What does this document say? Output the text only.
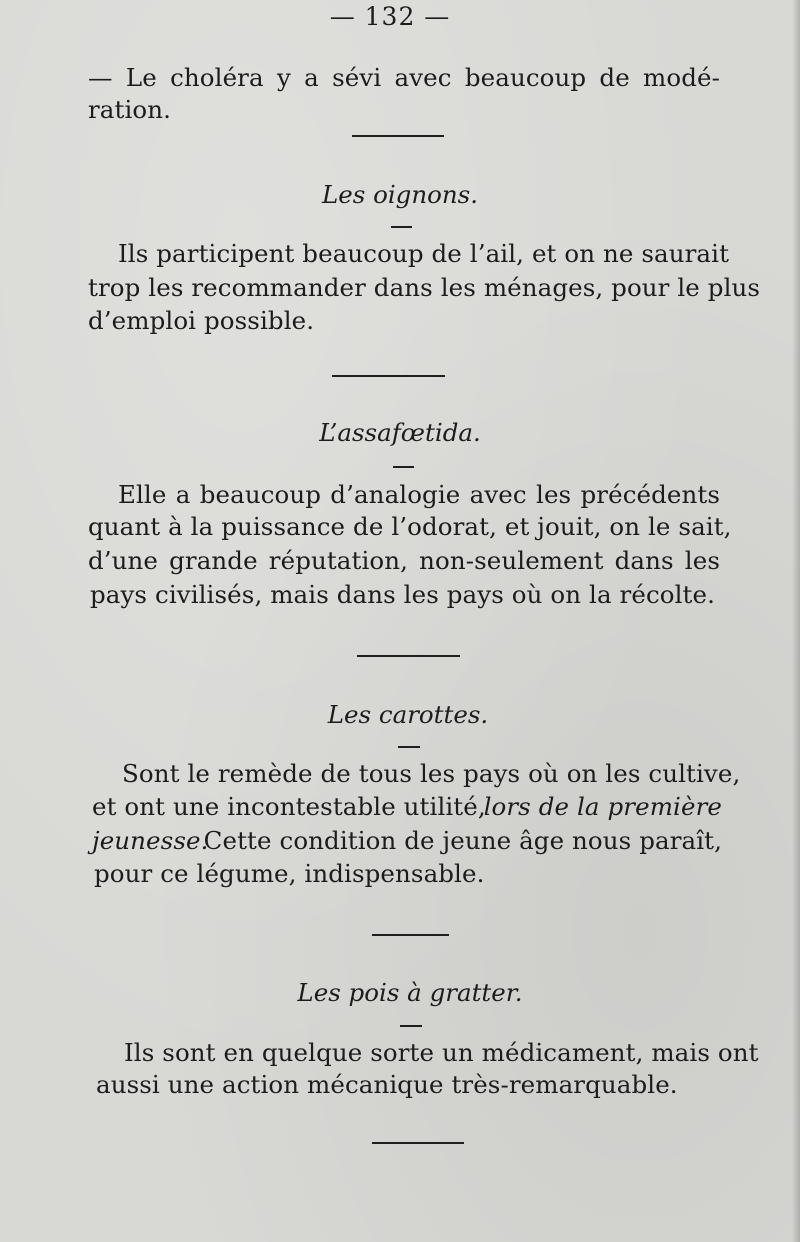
— 132 —
— Le choléra y a sévi avec beaucoup de modé-
ration.
Les oignons.
Ils participent beaucoup de l’ail, et on ne saurait
trop les recommander dans les ménages, pour le plus
d’emploi possible.
L’assafœtida.
Elle a beaucoup d’analogie avec les précédents
quant à la puissance de l’odorat, et jouit, on le sait,
d’une grande réputation, non-seulement dans les
pays civilisés, mais dans les pays où on la récolte.
Les carottes.
Sont le remède de tous les pays où on les cultive,
et ont une incontestable utilité,
lors de la première
jeunesse.
Cette condition de jeune âge nous paraît,
pour ce légume, indispensable.
Les pois à gratter.
Ils sont en quelque sorte un médicament, mais ont
aussi une action mécanique très-remarquable.
